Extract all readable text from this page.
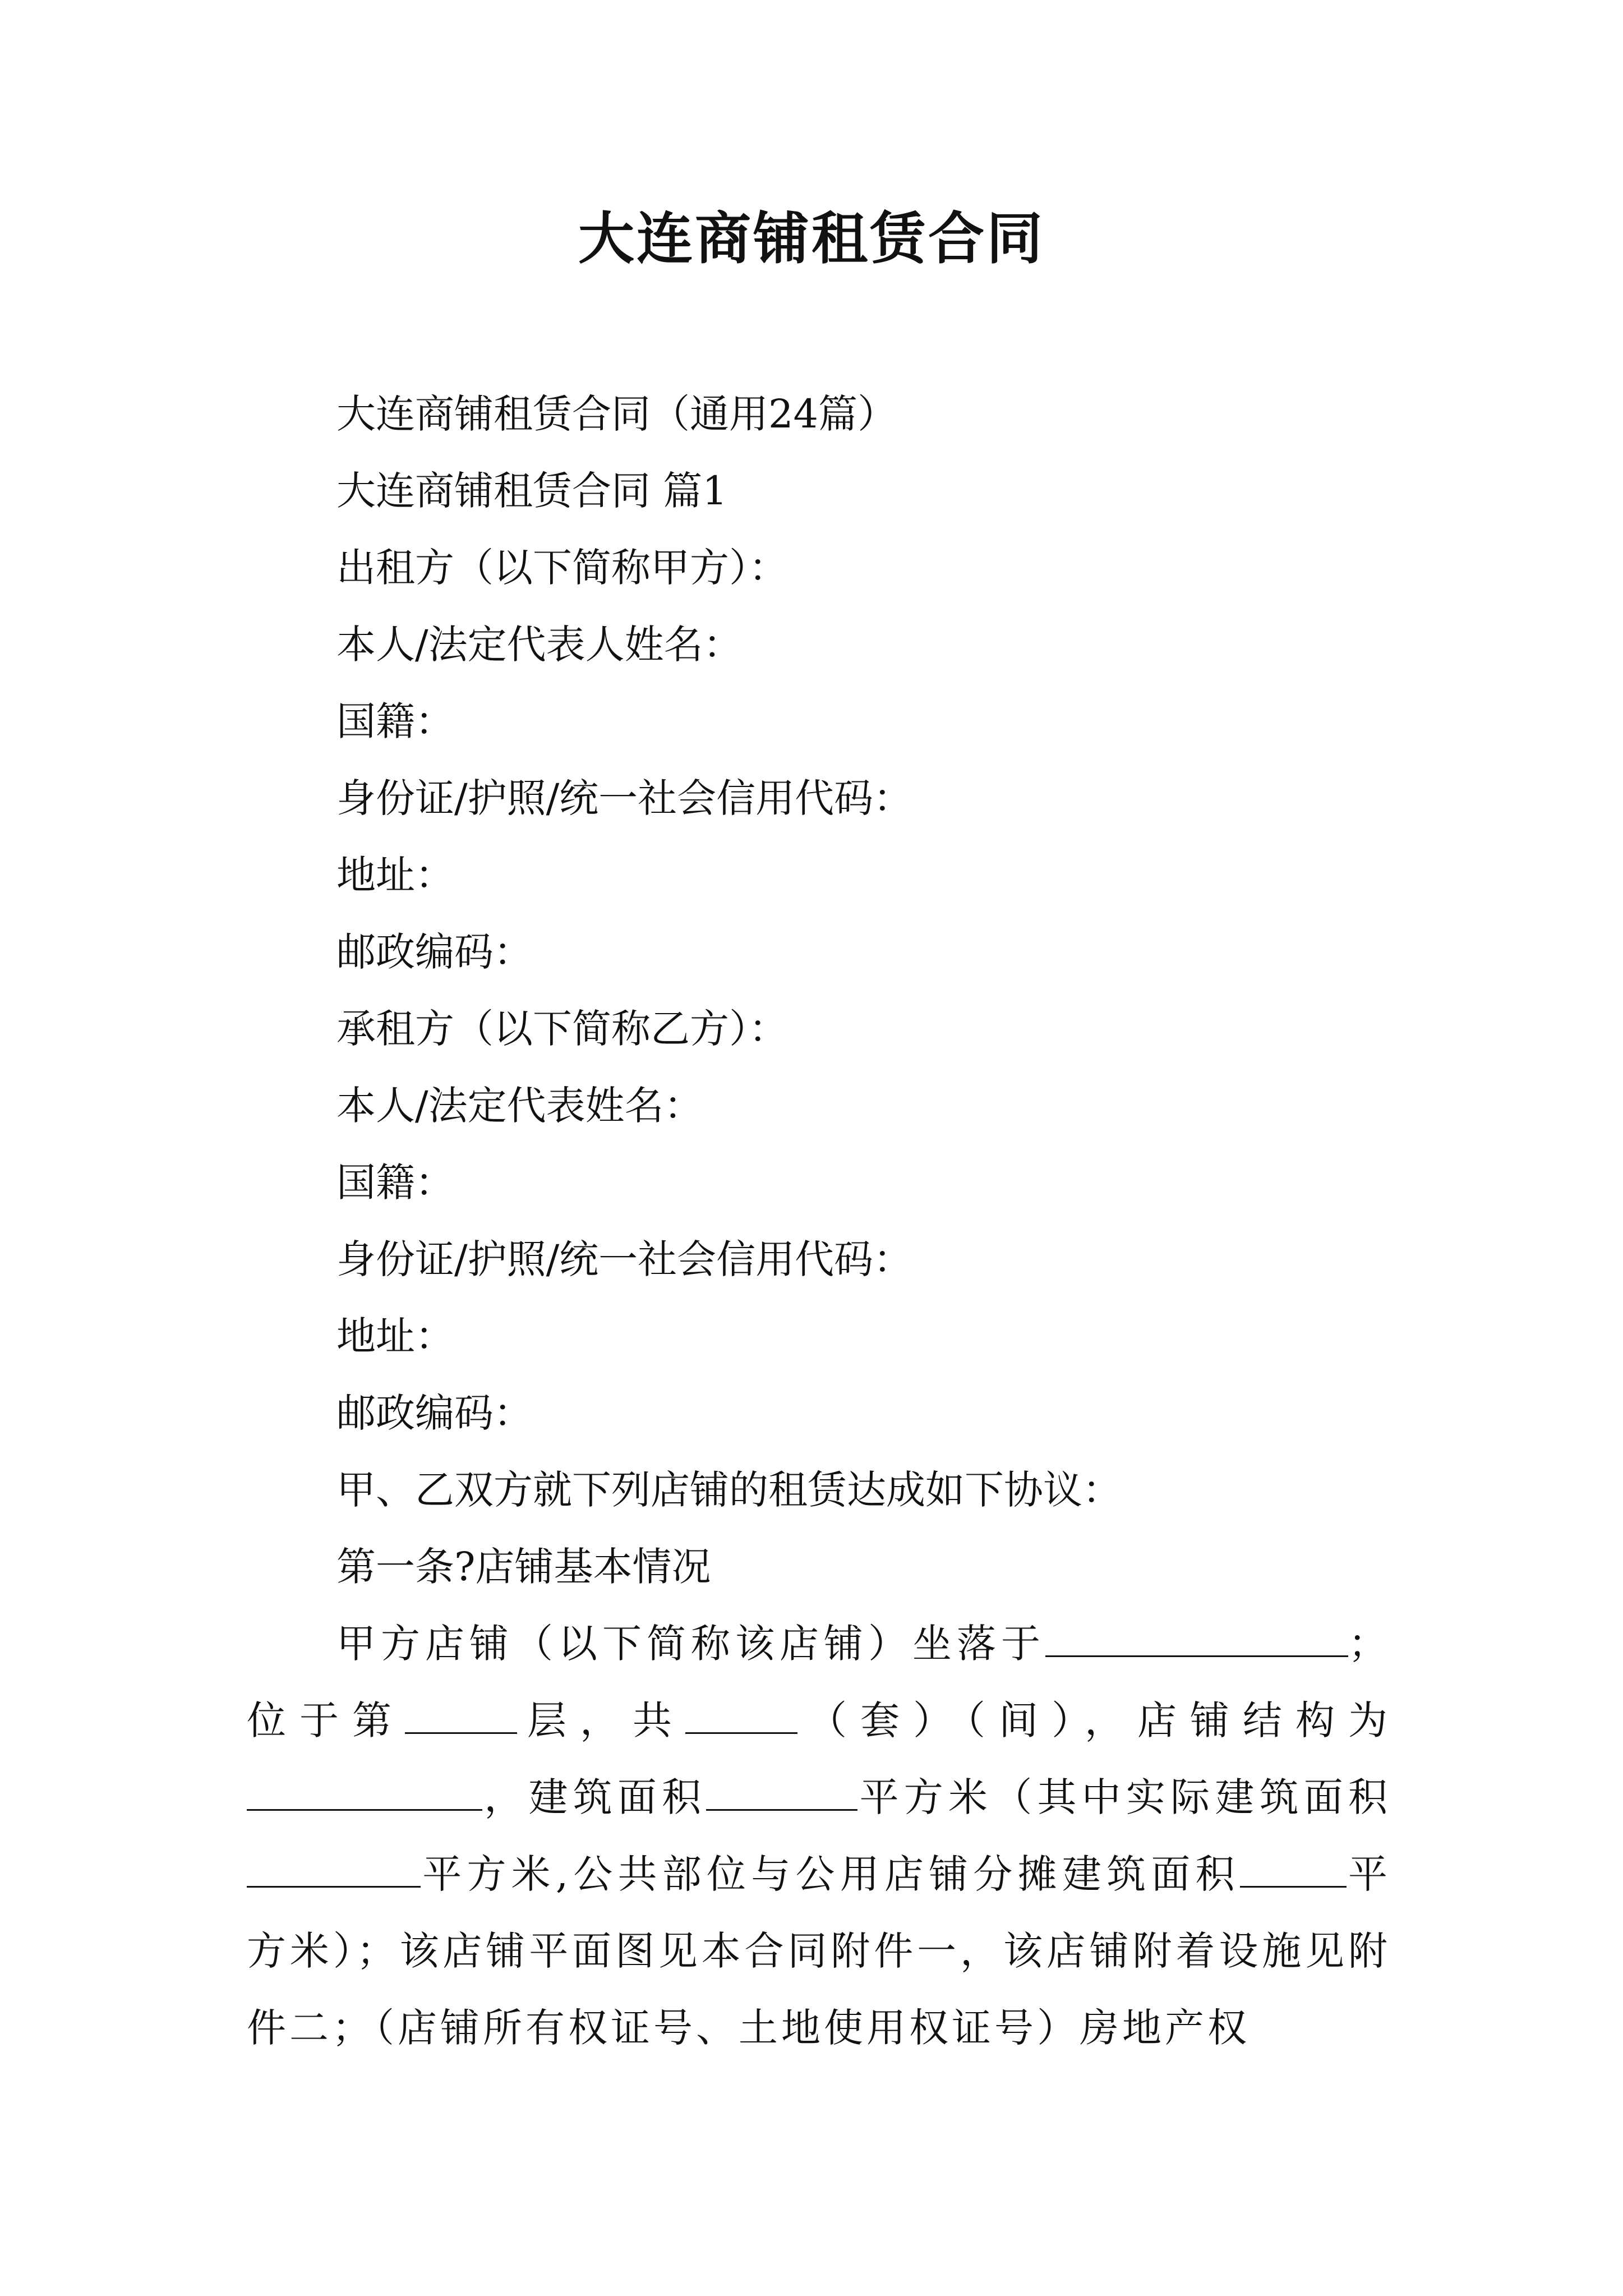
大连商铺租赁合同
大连商铺租赁合同（通用24篇）
大连商铺租赁合同 篇1
出租方（以下简称甲方）：
本人/法定代表人姓名：
国籍：
身份证/护照/统一社会信用代码：
地址：
邮政编码：
承租方（以下简称乙方）：
本人/法定代表姓名：
国籍：
身份证/护照/统一社会信用代码：
地址：
邮政编码：
甲、乙双方就下列店铺的租赁达成如下协议：
第一条?店铺基本情况

甲方店铺（以下简称该店铺）坐落于	；位于第	层，共	（套）（间），店铺结构为，建筑面积	平方米（其中实际建筑面积平方米,公共部位与公用店铺分摊建筑面积	平方米）；该店铺平面图见本合同附件一，该店铺附着设施见附件二；（店铺所有权证号、土地使用权证号）房地产权
